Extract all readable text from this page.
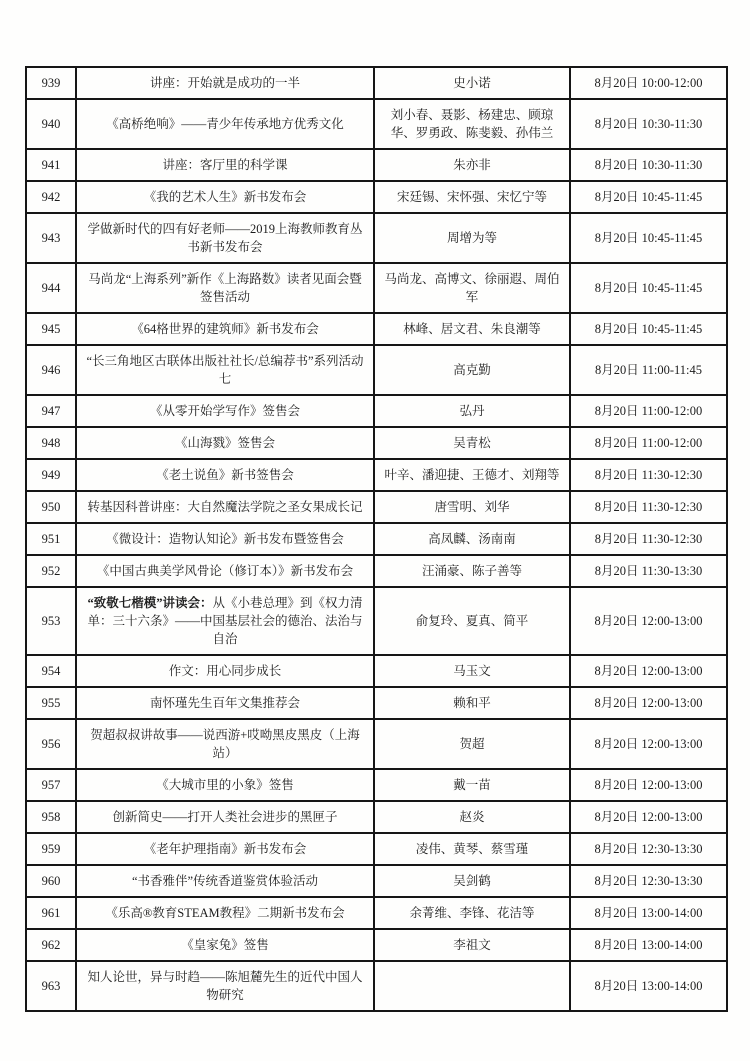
939	讲座：开始就是成功的一半	史小诺	8月20日 10:00-12:00
940	《高桥绝响》——青少年传承地方优秀文化	刘小春、聂影、杨建忠、顾琼华、罗勇政、陈斐毅、孙伟兰	8月20日 10:30-11:30
941	讲座：客厅里的科学课	朱亦非	8月20日 10:30-11:30
942	《我的艺术人生》新书发布会	宋廷锡、宋怀强、宋忆宁等	8月20日 10:45-11:45
943	学做新时代的四有好老师——2019上海教师教育丛书新书发布会	周增为等	8月20日 10:45-11:45
944	马尚龙“上海系列”新作《上海路数》读者见面会暨签售活动	马尚龙、高博文、徐丽遐、周伯军	8月20日 10:45-11:45
945	《64格世界的建筑师》新书发布会	林峰、居文君、朱良潮等	8月20日 10:45-11:45
946	“长三角地区古联体出版社社长/总编荐书”系列活动七	高克勤	8月20日 11:00-11:45
947	《从零开始学写作》签售会	弘丹	8月20日 11:00-12:00
948	《山海戮》签售会	吴青松	8月20日 11:00-12:00
949	《老土说鱼》新书签售会	叶辛、潘迎捷、王德才、刘翔等	8月20日 11:30-12:30
950	转基因科普讲座：大自然魔法学院之圣女果成长记	唐雪明、刘华	8月20日 11:30-12:30
951	《微设计：造物认知论》新书发布暨签售会	高凤麟、汤南南	8月20日 11:30-12:30
952	《中国古典美学风骨论（修订本）》新书发布会	汪涌豪、陈子善等	8月20日 11:30-13:30
953	“致敬七楷模”讲读会：从《小巷总理》到《权力清单：三十六条》——中国基层社会的德治、法治与自治	俞复玲、夏真、简平	8月20日 12:00-13:00
954	作文：用心同步成长	马玉文	8月20日 12:00-13:00
955	南怀瑾先生百年文集推荐会	赖和平	8月20日 12:00-13:00
956	贺超叔叔讲故事——说西游+哎呦黑皮黑皮（上海站）	贺超	8月20日 12:00-13:00
957	《大城市里的小象》签售	戴一苗	8月20日 12:00-13:00
958	创新简史——打开人类社会进步的黑匣子	赵炎	8月20日 12:00-13:00
959	《老年护理指南》新书发布会	凌伟、黄琴、蔡雪瑾	8月20日 12:30-13:30
960	“书香雅伴”传统香道鉴赏体验活动	吴剑鹤	8月20日 12:30-13:30
961	《乐高®教育STEAM教程》二期新书发布会	余菁维、李锋、花洁等	8月20日 13:00-14:00
962	《皇家兔》签售	李祖文	8月20日 13:00-14:00
963	知人论世，异与时趋——陈旭麓先生的近代中国人物研究		8月20日 13:00-14:00
